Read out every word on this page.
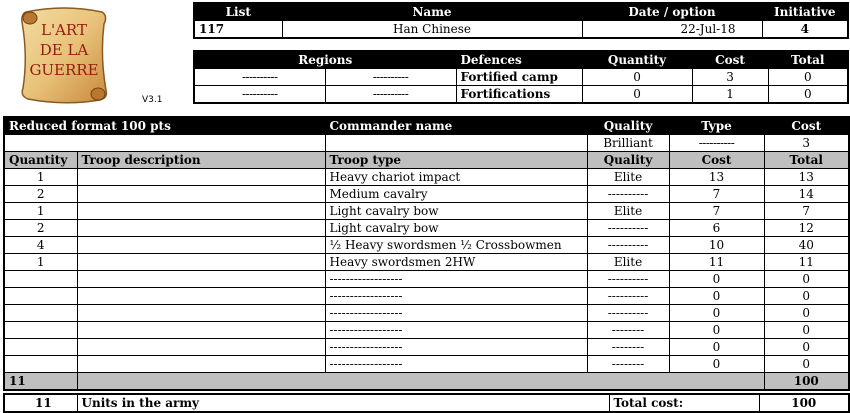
L'ART
DE LA
GUERRE
V3.1
List	Name	Date / option	Initiative
117	Han Chinese	22-Jul-18	4
Regions		Defences	Quantity	Cost	Total
----------	----------	Fortified camp	0	3	0
----------	----------	Fortifications	0	1	0
Reduced format 100 pts		Commander name	Quality	Type	Cost
			Brilliant	----------	3
Quantity	Troop description	Troop type	Quality	Cost	Total
1		Heavy chariot impact	Elite	13	13
2		Medium cavalry	----------	7	14
1		Light cavalry bow	Elite	7	7
2		Light cavalry bow	----------	6	12
4		½ Heavy swordsmen ½ Crossbowmen	----------	10	40
1		Heavy swordsmen 2HW	Elite	11	11
		------------------	----------	0	0
		------------------	----------	0	0
		------------------	----------	0	0
		------------------	--------	0	0
		------------------	--------	0	0
		------------------	--------	0	0
11					100
11	Units in the army	Total cost:	100
